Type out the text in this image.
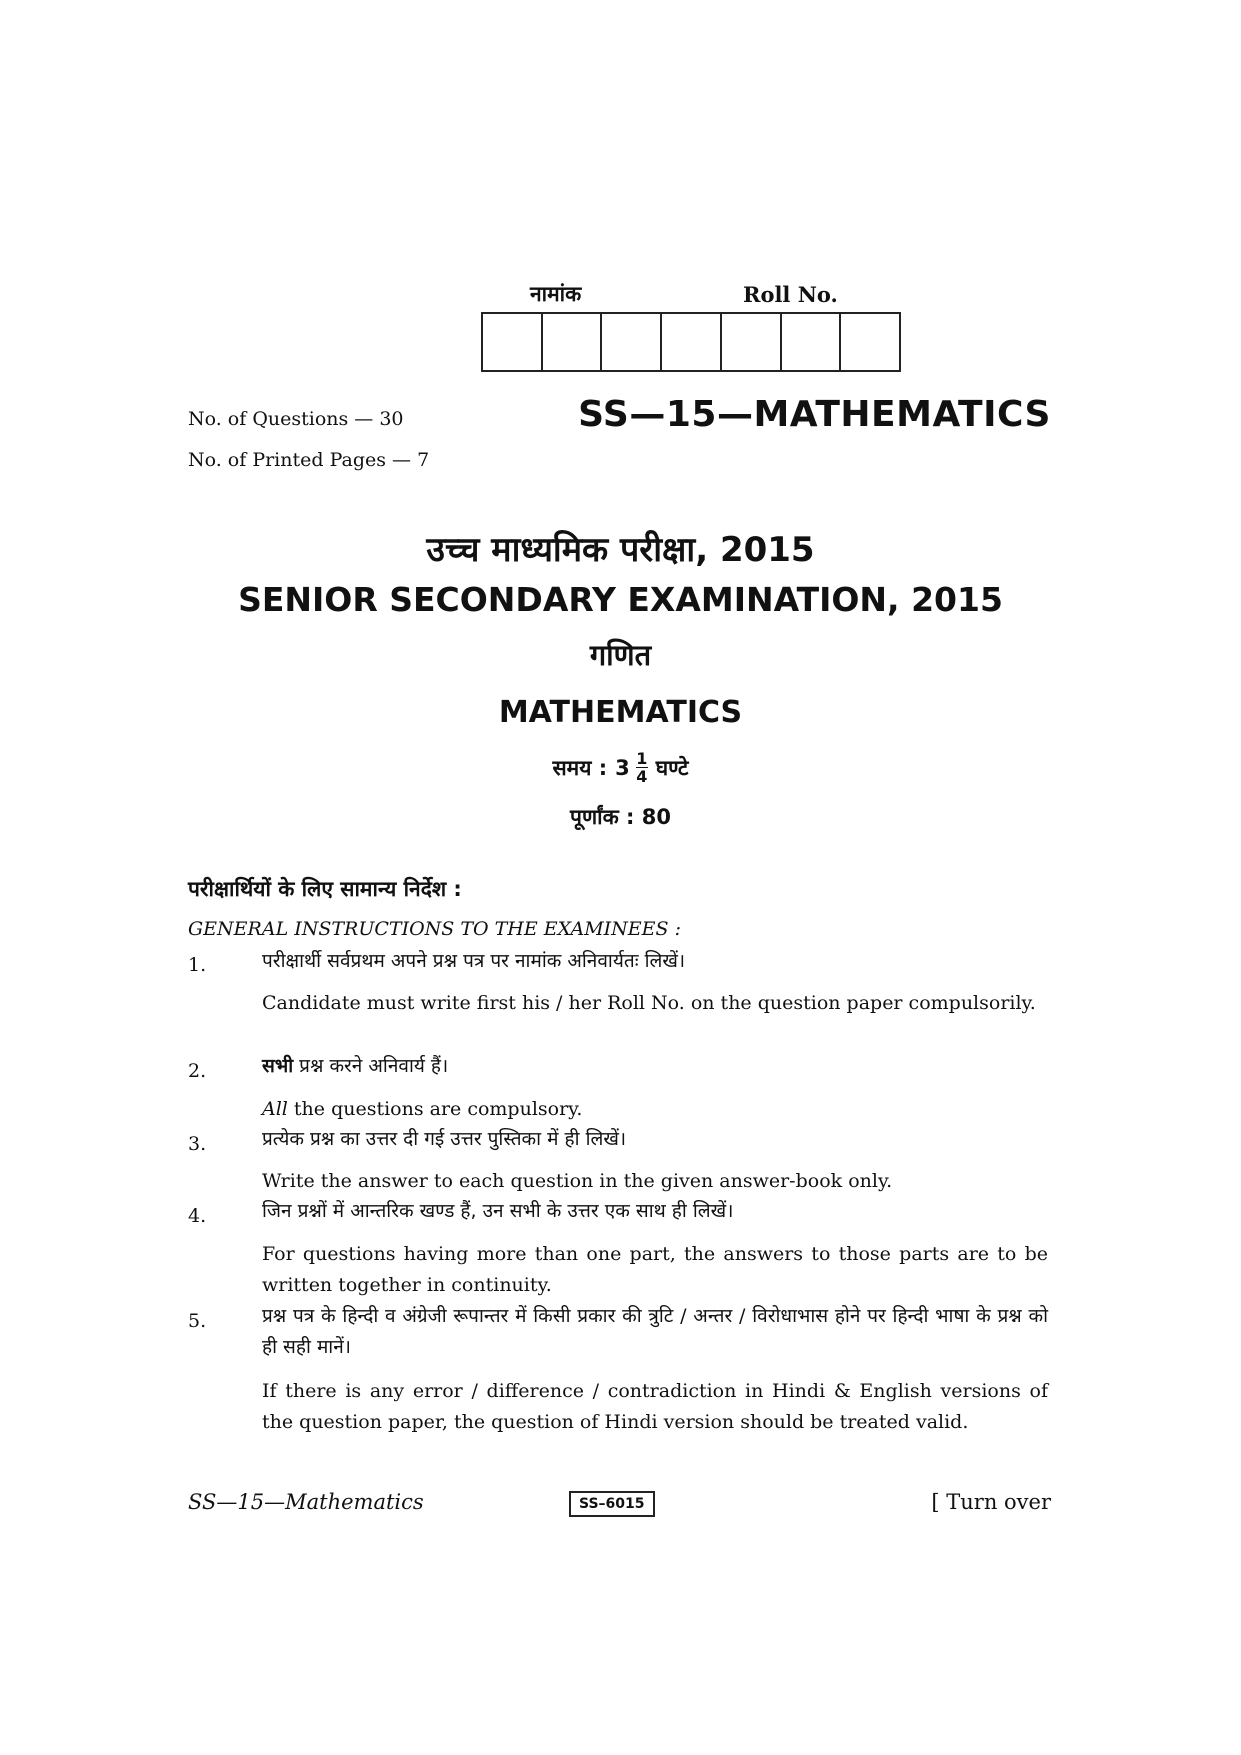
नामांक	Roll No.
No. of Questions — 30
No. of Printed Pages — 7
SS—15—MATHEMATICS
उच्च माध्यमिक परीक्षा, 2015
SENIOR SECONDARY EXAMINATION, 2015
गणित
MATHEMATICS
समय : $3 \frac{1}{4}$ घण्टे
पूर्णांक : 80
परीक्षार्थियों के लिए सामान्य निर्देश :
GENERAL INSTRUCTIONS TO THE EXAMINEES :
1.	परीक्षार्थी सर्वप्रथम अपने प्रश्न पत्र पर नामांक अनिवार्यतः लिखें।
Candidate must write first his / her Roll No. on the question paper compulsorily.
2.	सभी प्रश्न करने अनिवार्य हैं।
All the questions are compulsory.
3.	प्रत्येक प्रश्न का उत्तर दी गई उत्तर पुस्तिका में ही लिखें।
Write the answer to each question in the given answer-book only.
4.	जिन प्रश्नों में आन्तरिक खण्ड हैं, उन सभी के उत्तर एक साथ ही लिखें।
For questions having more than one part, the answers to those parts are to be written together in continuity.
5.	प्रश्न पत्र के हिन्दी व अंग्रेजी रूपान्तर में किसी प्रकार की त्रुटि / अन्तर / विरोधाभास होने पर हिन्दी भाषा के प्रश्न को ही सही मानें।
If there is any error / difference / contradiction in Hindi & English versions of the question paper, the question of Hindi version should be treated valid.
SS—15—Mathematics	SS–6015	[ Turn over
